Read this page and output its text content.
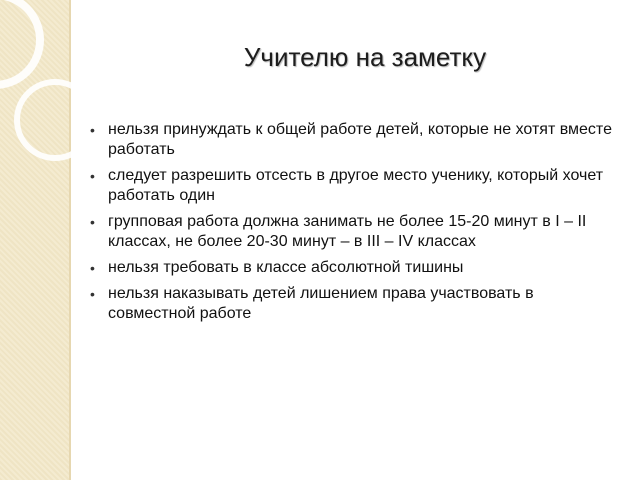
Учителю на заметку
• нельзя принуждать к общей работе детей, которые не хотят вместе работать
• следует разрешить отсесть в другое место ученику, который хочет работать один
• групповая работа должна занимать не более 15-20 минут в I – II классах, не более 20-30 минут – в III – IV классах
• нельзя требовать в классе абсолютной тишины
• нельзя наказывать детей лишением права участвовать в совместной работе
